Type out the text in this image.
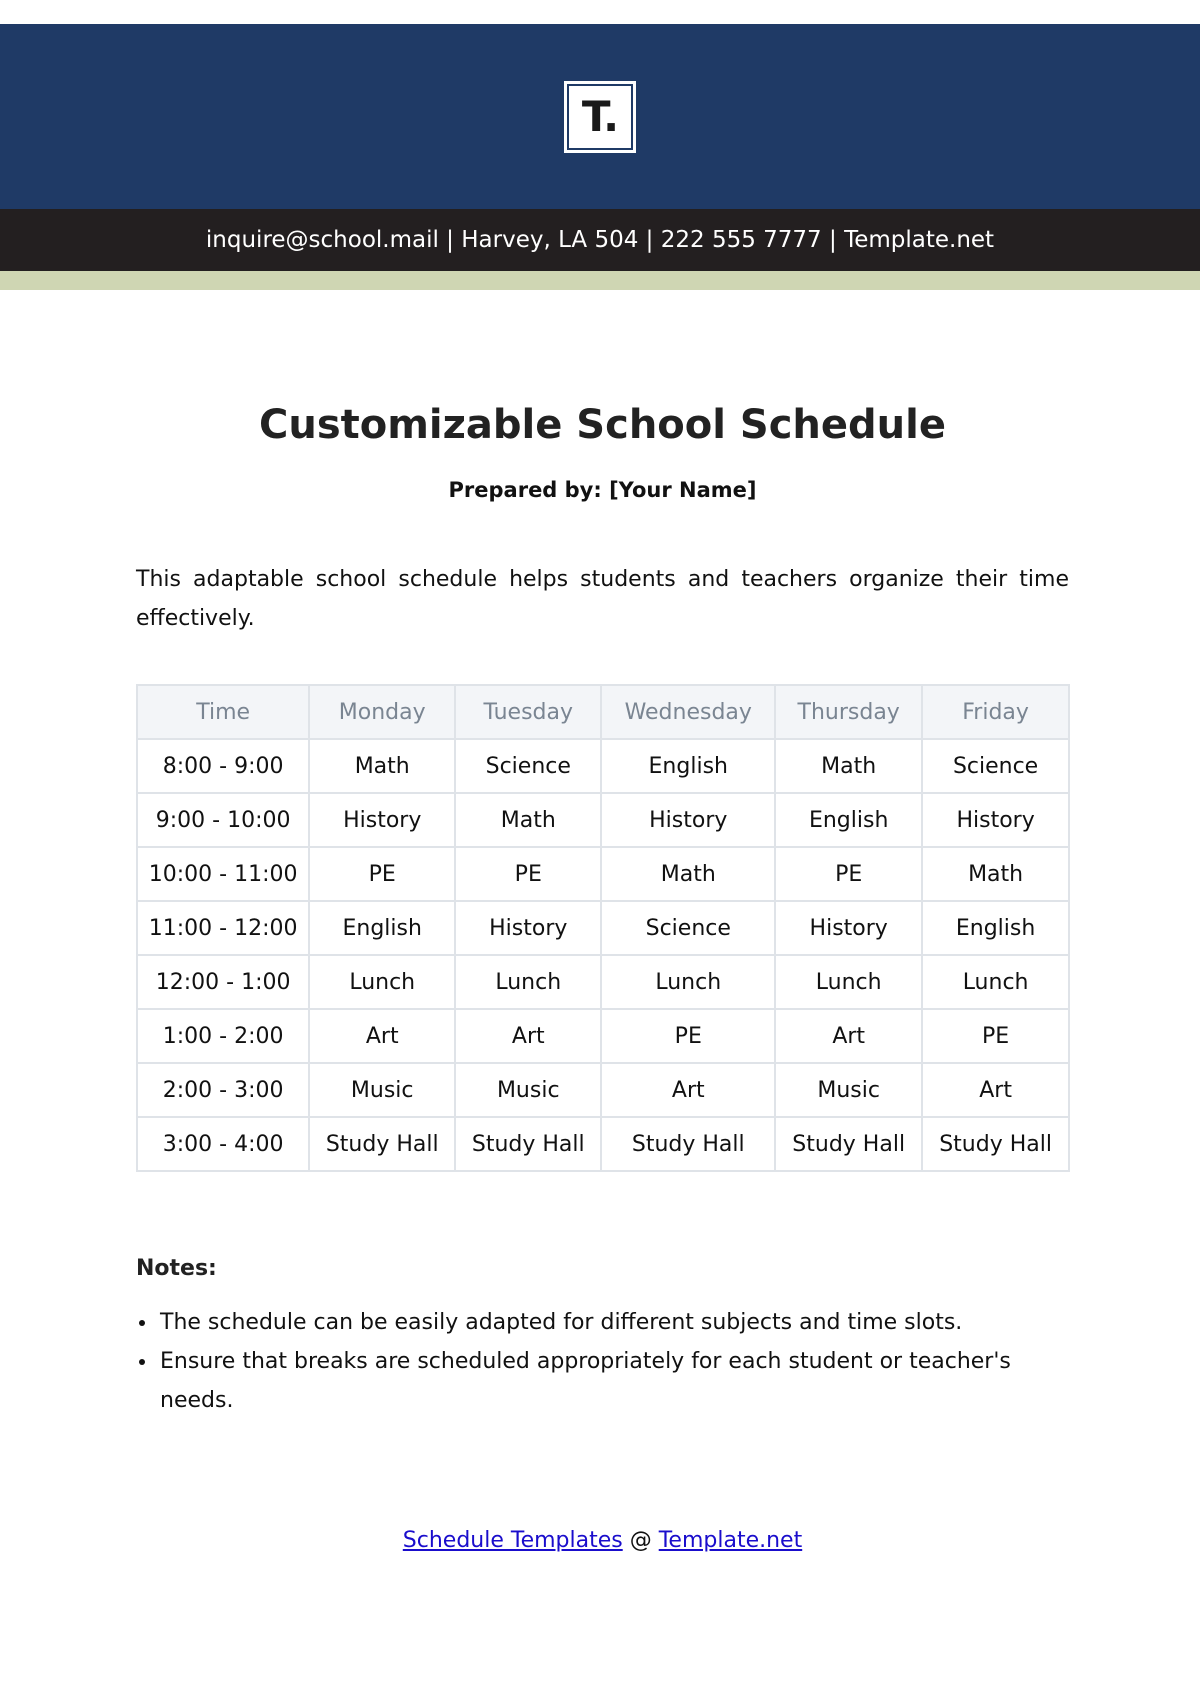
T.
inquire@school.mail | Harvey, LA 504 | 222 555 7777 | Template.net
Customizable School Schedule
Prepared by: [Your Name]

This adaptable school schedule helps students and teachers organize their time effectively.

Time	Monday	Tuesday	Wednesday	Thursday	Friday
8:00 - 9:00	Math	Science	English	Math	Science
9:00 - 10:00	History	Math	History	English	History
10:00 - 11:00	PE	PE	Math	PE	Math
11:00 - 12:00	English	History	Science	History	English
12:00 - 1:00	Lunch	Lunch	Lunch	Lunch	Lunch
1:00 - 2:00	Art	Art	PE	Art	PE
2:00 - 3:00	Music	Music	Art	Music	Art
3:00 - 4:00	Study Hall	Study Hall	Study Hall	Study Hall	Study Hall
Notes:
• The schedule can be easily adapted for different subjects and time slots.
• Ensure that breaks are scheduled appropriately for each student or teacher's needs.
Schedule Templates @ Template.net
